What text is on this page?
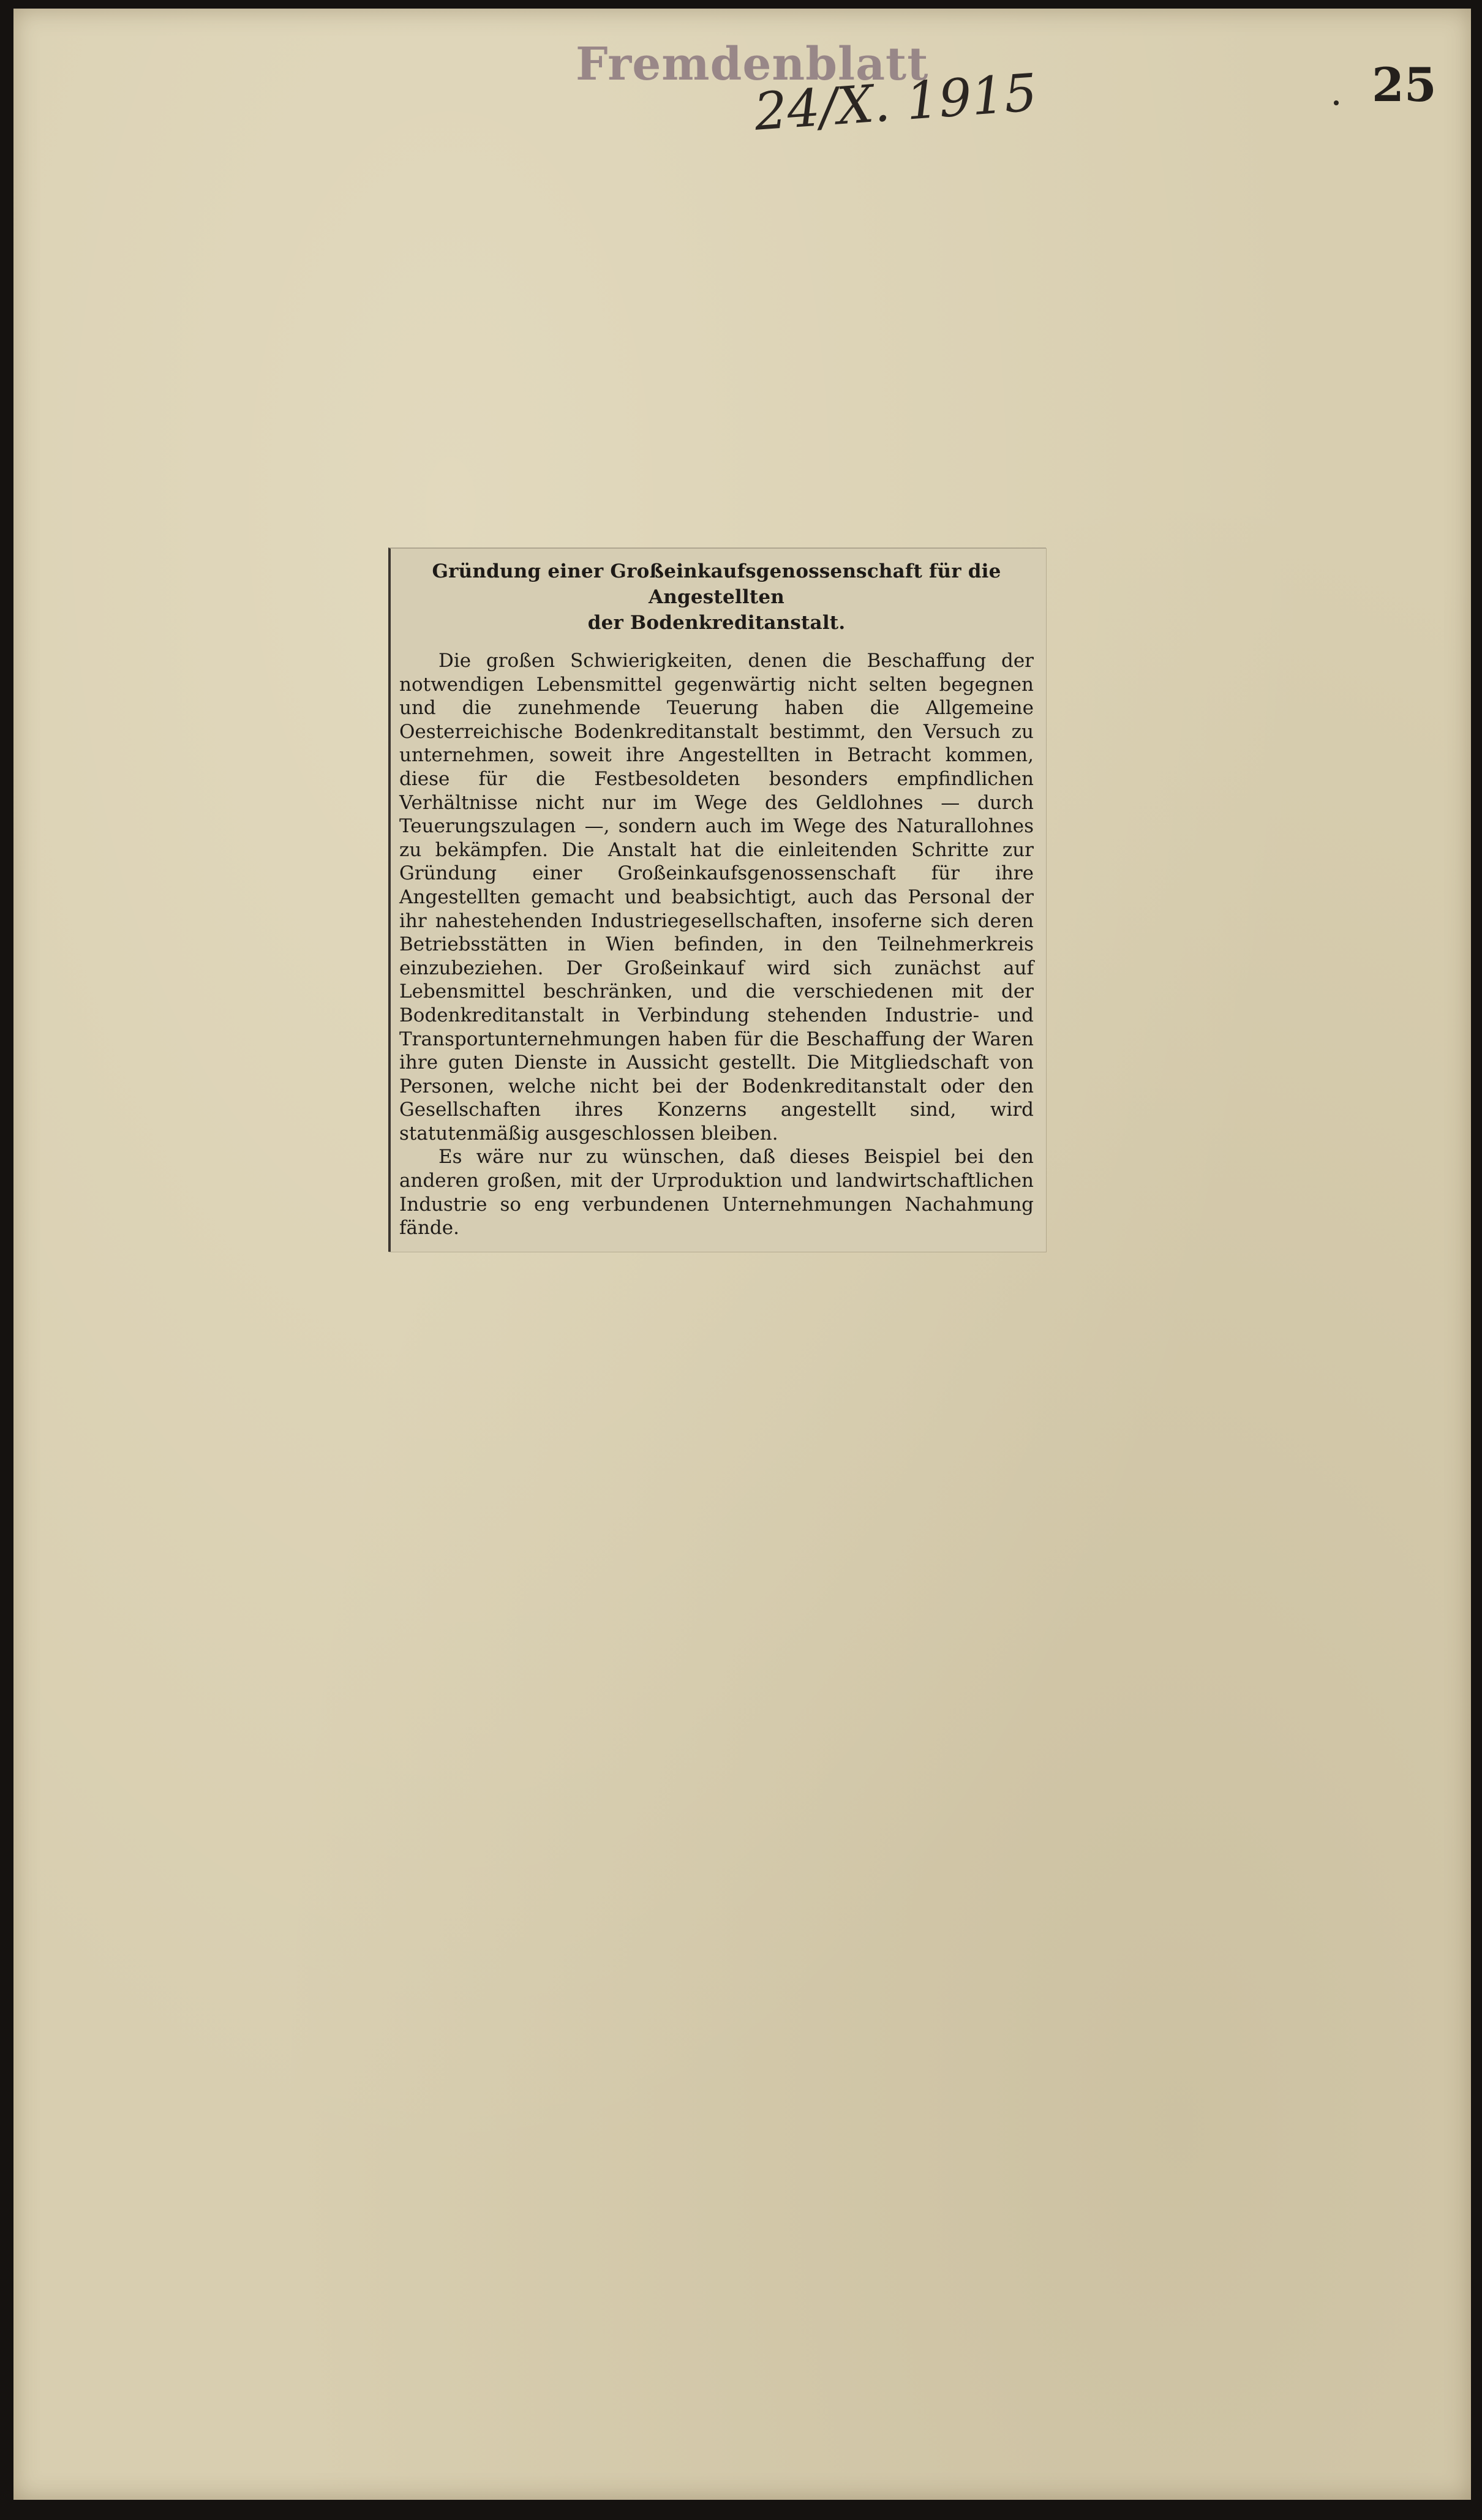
Fremdenblatt
24/X. 1915	25
Gründung einer Großeinkaufsgenossenschaft für die Angestellten
der Bodenkreditanstalt.

Die großen Schwierigkeiten, denen die Beschaffung der notwendigen Lebensmittel gegenwärtig nicht selten begegnen und die zunehmende Teuerung haben die Allgemeine Oesterreichische Bodenkreditanstalt bestimmt, den Versuch zu unternehmen, soweit ihre Angestellten in Betracht kommen, diese für die Festbesoldeten besonders empfindlichen Verhältnisse nicht nur im Wege des Geldlohnes — durch Teuerungszulagen —, sondern auch im Wege des Naturallohnes zu bekämpfen. Die Anstalt hat die einleitenden Schritte zur Gründung einer Großeinkaufsgenossenschaft für ihre Angestellten gemacht und beabsichtigt, auch das Personal der ihr nahestehenden Industriegesellschaften, insoferne sich deren Betriebsstätten in Wien befinden, in den Teilnehmerkreis einzubeziehen. Der Großeinkauf wird sich zunächst auf Lebensmittel beschränken, und die verschiedenen mit der Bodenkreditanstalt in Verbindung stehenden Industrie- und Transportunternehmungen haben für die Beschaffung der Waren ihre guten Dienste in Aussicht gestellt. Die Mitgliedschaft von Personen, welche nicht bei der Bodenkreditanstalt oder den Gesellschaften ihres Konzerns angestellt sind, wird statutenmäßig ausgeschlossen bleiben.

Es wäre nur zu wünschen, daß dieses Beispiel bei den anderen großen, mit der Urproduktion und landwirtschaftlichen Industrie so eng verbundenen Unternehmungen Nachahmung fände.
